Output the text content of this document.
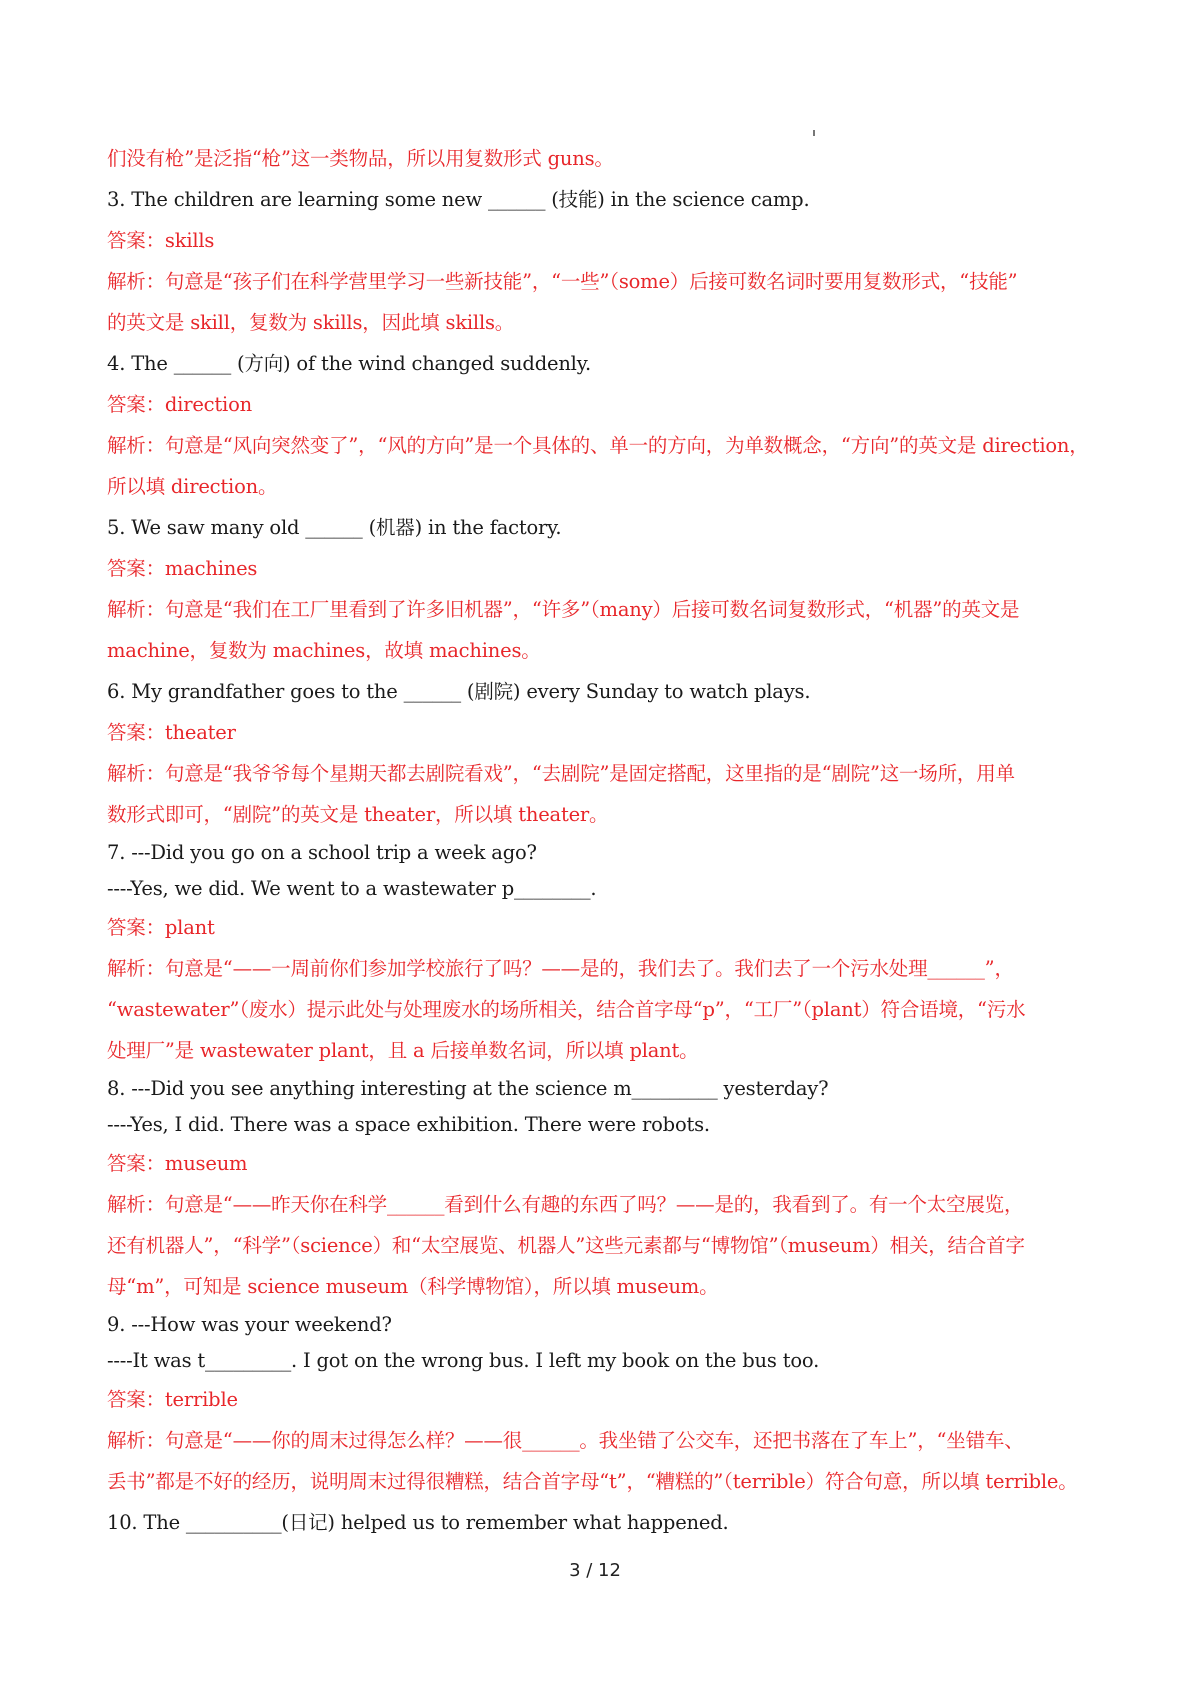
们没有枪”是泛指“枪”这一类物品，所以用复数形式 guns。
3. The children are learning some new ______ (技能) in the science camp.
答案：skills
解析：句意是“孩子们在科学营里学习一些新技能”，“一些”（some）后接可数名词时要用复数形式，“技能”
的英文是 skill，复数为 skills，因此填 skills。
4. The ______ (方向) of the wind changed suddenly.
答案：direction
解析：句意是“风向突然变了”，“风的方向”是一个具体的、单一的方向，为单数概念，“方向”的英文是 direction，
所以填 direction。
5. We saw many old ______ (机器) in the factory.
答案：machines
解析：句意是“我们在工厂里看到了许多旧机器”，“许多”（many）后接可数名词复数形式，“机器”的英文是
machine，复数为 machines，故填 machines。
6. My grandfather goes to the ______ (剧院) every Sunday to watch plays.
答案：theater
解析：句意是“我爷爷每个星期天都去剧院看戏”，“去剧院”是固定搭配，这里指的是“剧院”这一场所，用单
数形式即可，“剧院”的英文是 theater，所以填 theater。
7. ---Did you go on a school trip a week ago?
----Yes, we did. We went to a wastewater p________.
答案：plant
解析：句意是“——一周前你们参加学校旅行了吗？——是的，我们去了。我们去了一个污水处理______”，
“wastewater”（废水）提示此处与处理废水的场所相关，结合首字母“p”，“工厂”（plant）符合语境，“污水
处理厂”是 wastewater plant，且 a 后接单数名词，所以填 plant。
8. ---Did you see anything interesting at the science m_________ yesterday?
----Yes, I did. There was a space exhibition. There were robots.
答案：museum
解析：句意是“——昨天你在科学______看到什么有趣的东西了吗？——是的，我看到了。有一个太空展览，
还有机器人”，“科学”（science）和“太空展览、机器人”这些元素都与“博物馆”（museum）相关，结合首字
母“m”，可知是 science museum（科学博物馆），所以填 museum。
9. ---How was your weekend?
----It was t_________. I got on the wrong bus. I left my book on the bus too.
答案：terrible
解析：句意是“——你的周末过得怎么样？——很______。我坐错了公交车，还把书落在了车上”，“坐错车、
丢书”都是不好的经历，说明周末过得很糟糕，结合首字母“t”，“糟糕的”（terrible）符合句意，所以填 terrible。
10. The __________(日记) helped us to remember what happened.
3 / 12
